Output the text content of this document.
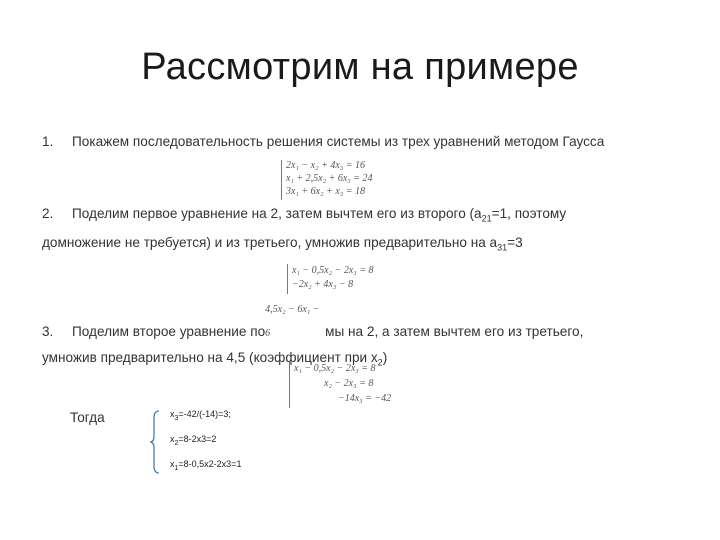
Рассмотрим на примере
1. Покажем последовательность решения системы из трех уравнений методом Гаусса
2x₁ − x₂ + 4x₃ = 16
x₁ + 2,5x₂ + 6x₃ = 24
3x₁ + 6x₂ + x₃ = 18
2. Поделим первое уравнение на 2, затем вычтем его из второго ($a_{21}=1$, поэтому
домножение не требуется) и из третьего, умножив предварительно на $a_{31}=3$
x₁ − 0,5x₂ − 2x₃ = 8
−2x₂ + 4x₃ − 8
3. Поделим второе уравнение по4,5x₂ − 6x₁ − 6	мы на 2, а затем вычтем его из третьего,
умножив предварительно на 4,5 (коэффициент при $x_2$)
x₁ − 0,5x₂ − 2x₃ = 8
x₂ − 2x₃ = 8
−14x₃ = −42
Тогда	$x_3=-42/(-14)=3$;
$x_2=8-2x3=2$
$x_1=8-0,5x2-2x3=1$
